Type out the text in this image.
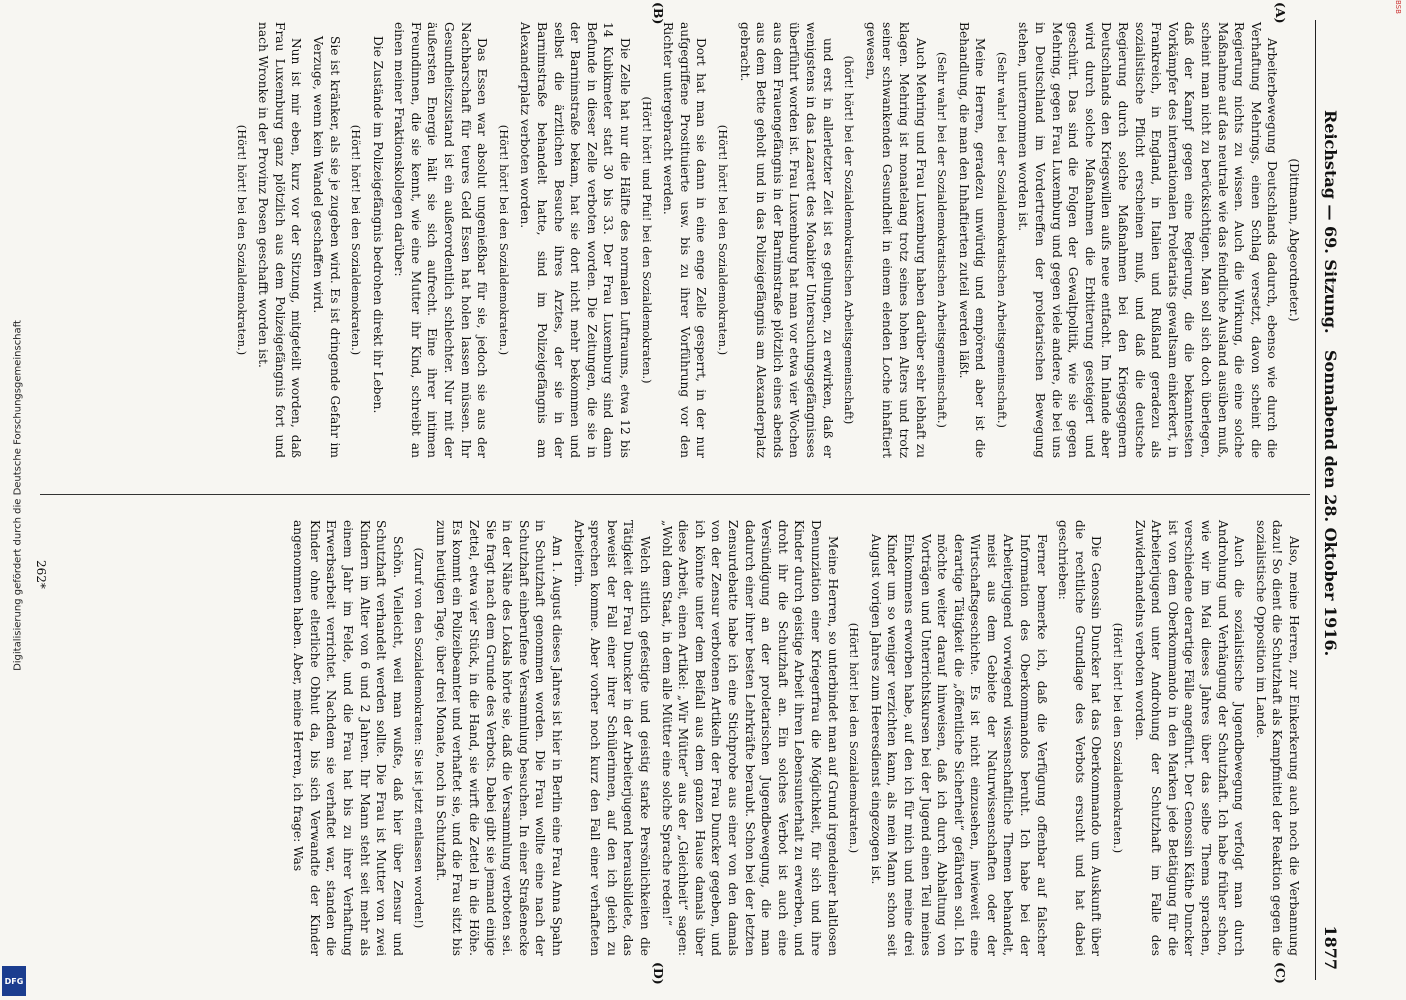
Digitalisierung gefördert durch die Deutsche Forschungsgemeinschaft
DFG
BSB
Reichstag — 69. Sitzung.
Sonnabend den 28. Oktober 1916.
1877
(A)
(B)
(C)
(D)

(Dittmann, Abgeordneter.)

Arbeiterbewegung Deutschlands dadurch, ebenso wie durch die Verhaftung Mehrings, einen Schlag versetzt, davon scheint die Regierung nichts zu wissen. Auch die Wirkung, die eine solche Maßnahme auf das neutrale wie das feindliche Ausland ausüben muß, scheint man nicht zu berücksichtigen. Man soll sich doch überlegen, daß der Kampf gegen eine Regierung, die die bekanntesten Vorkämpfer des internationalen Proletariats gewaltsam einkerkert, in Frankreich, in England, in Italien und Rußland geradezu als sozialistische Pflicht erscheinen muß, und daß die deutsche Regierung durch solche Maßnahmen bei den Kriegsgegnern Deutschlands den Kriegswillen aufs neue entfacht. Im Inlande aber wird durch solche Maßnahmen die Erbitterung gesteigert und geschürt. Das sind die Folgen der Gewaltpolitik, wie sie gegen Mehring, gegen Frau Luxemburg und gegen viele andere, die bei uns in Deutschland im Vordertreffen der proletarischen Bewegung stehen, unternommen worden ist.

(Sehr wahr! bei der Sozialdemokratischen Arbeitsgemeinschaft.)

Meine Herren, geradezu unwürdig und empörend aber ist die Behandlung, die man den Inhaftierten zuteil werden läßt.

(Sehr wahr! bei der Sozialdemokratischen Arbeitsgemeinschaft.)

Auch Mehring und Frau Luxemburg haben darüber sehr lebhaft zu klagen. Mehring ist monatelang trotz seines hohen Alters und trotz seiner schwankenden Gesundheit in einem elenden Loche inhaftiert gewesen,

(hört! hört! bei der Sozialdemokratischen Arbeitsgemeinschaft)

und erst in allerletzter Zeit ist es gelungen, zu erwirken, daß er wenigstens in das Lazarett des Moabiter Untersuchungsgefängnisses überführt worden ist. Frau Luxemburg hat man vor etwa vier Wochen aus dem Frauengefängnis in der Barnimstraße plötzlich eines abends aus dem Bette geholt und in das Polizeigefängnis am Alexanderplatz gebracht.

(Hört! hört! bei den Sozialdemokraten.)

Dort hat man sie dann in eine enge Zelle gesperrt, in der nur aufgegriffene Prostituierte usw. bis zu ihrer Vorführung vor den Richter untergebracht werden.

(Hört! hört! und Pfui! bei den Sozialdemokraten.)

Die Zelle hat nur die Hälfte des normalen Luftraums, etwa 12 bis 14 Kubikmeter statt 30 bis 33. Der Frau Luxemburg sind dann Befunde in dieser Zelle verboten worden. Die Zeitungen, die sie in der Barnimstraße bekam, hat sie dort nicht mehr bekommen und selbst die ärztlichen Besuche ihres Arztes, der sie in der Barnimstraße behandelt hatte, sind im Polizeigefängnis am Alexanderplatz verboten worden.

(Hört! hört! bei den Sozialdemokraten.)

Das Essen war absolut ungenießbar für sie, jedoch sie aus der Nachbarschaft für teures Geld Essen hat holen lassen müssen. Ihr Gesundheitszustand ist ein außerordentlich schlechter. Nur mit der äußersten Energie hält sie sich aufrecht. Eine ihrer intimen Freundinnen, die sie kennt, wie eine Mutter ihr Kind, schreibt an einen meiner Fraktionskollegen darüber:

Die Zustände im Polizeigefängnis bedrohen direkt ihr Leben.

(Hört! hört! bei den Sozialdemokraten.)

Sie ist kränker, als sie je zugeben wird. Es ist dringende Gefahr im Verzuge, wenn kein Wandel geschaffen wird.

Nun ist mir eben, kurz vor der Sitzung, mitgeteilt worden, daß Frau Luxemburg ganz plötzlich aus dem Polizeigefängnis fort und nach Wronke in der Provinz Posen geschafft worden ist.

(Hört! hört! bei den Sozialdemokraten.)

Also, meine Herren, zur Einkerkerung auch noch die Verbannung dazu! So dient die Schutzhaft als Kampfmittel der Reaktion gegen die sozialistische Opposition im Lande.

Auch die sozialistische Jugendbewegung verfolgt man durch Androhung und Verhängung der Schutzhaft. Ich habe früher schon, wie wir im Mai dieses Jahres über das selbe Thema sprachen, verschiedene derartige Fälle angeführt. Der Genossin Käthe Duncker ist von dem Oberkommando in den Marken jede Betätigung für die Arbeiterjugend unter Androhung der Schutzhaft im Falle des Zuwiderhandelns verboten worden.

(Hört! hört! bei den Sozialdemokraten.)

Die Genossin Duncker hat das Oberkommando um Auskunft über die rechtliche Grundlage des Verbots ersucht und hat dabei geschrieben:

Ferner bemerke ich, daß die Verfügung offenbar auf falscher Information des Oberkommandos beruht. Ich habe bei der Arbeiterjugend vorwiegend wissenschaftliche Themen behandelt, meist aus dem Gebiete der Naturwissenschaften oder der Wirtschaftsgeschichte. Es ist nicht einzusehen, inwieweit eine derartige Tätigkeit die „öffentliche Sicherheit“ gefährden soll. Ich möchte weiter darauf hinweisen, daß ich durch Abhaltung von Vorträgen und Unterrichtskursen bei der Jugend einen Teil meines Einkommens erworben habe, auf den ich für mich und meine drei Kinder um so weniger verzichten kann, als mein Mann schon seit August vorigen Jahres zum Heeresdienst eingezogen ist.

(Hört! hört! bei den Sozialdemokraten.)

Meine Herren, so unterbindet man auf Grund irgendeiner haltlosen Denunziation einer Kriegerfrau die Möglichkeit, für sich und ihre Kinder durch geistige Arbeit ihren Lebensunterhalt zu erwerben, und droht ihr die Schutzhaft an. Ein solches Verbot ist auch eine Versündigung an der proletarischen Jugendbewegung, die man dadurch einer ihrer besten Lehrkräfte beraubt. Schon bei der letzten Zensurdebatte habe ich eine Stichprobe aus einer von den damals von der Zensur verbotenen Artikeln der Frau Duncker gegeben, und ich könnte unter dem Beifall aus dem ganzen Hause damals über diese Arbeit, einen Artikel: „Wir Mütter“ aus der „Gleichheit“ sagen: „Wohl dem Staat, in dem alle Mütter eine solche Sprache reden!“

Welch sittlich gefestigte und geistig starke Persönlichkeiten die Tätigkeit der Frau Duncker in der Arbeiterjugend herausbildete, das beweist der Fall einer ihrer Schülerinnen, auf den ich gleich zu sprechen komme. Aber vorher noch kurz den Fall einer verhafteten Arbeiterin.

Am 1. August dieses Jahres ist hier in Berlin eine Frau Anna Spahn in Schutzhaft genommen worden. Die Frau wollte eine nach der Schutzhaft einberufene Versammlung besuchen. In einer Straßenecke in der Nähe des Lokals hörte sie, daß die Versammlung verboten sei. Sie fragt nach dem Grunde des Verbots. Dabei gibt sie jemand einige Zettel, etwa vier Stück, in die Hand, sie wirft die Zettel in die Höhe. Es kommt ein Polizeibeamter und verhaftet sie, und die Frau sitzt bis zum heutigen Tage, über drei Monate, noch in Schutzhaft.

(Zuruf von den Sozialdemokraten: Sie ist jetzt entlassen worden!)

Schön. Vielleicht, weil man wußte, daß hier über Zensur und Schutzhaft verhandelt werden sollte. Die Frau ist Mutter von zwei Kindern im Alter von 6 und 2 Jahren. Ihr Mann steht seit mehr als einem Jahr im Felde, und die Frau hat bis zu ihrer Verhaftung Erwerbsarbeit verrichtet. Nachdem sie verhaftet war, standen die Kinder ohne elterliche Obhut da, bis sich Verwandte der Kinder angenommen haben. Aber, meine Herren, ich frage: Was

262*
